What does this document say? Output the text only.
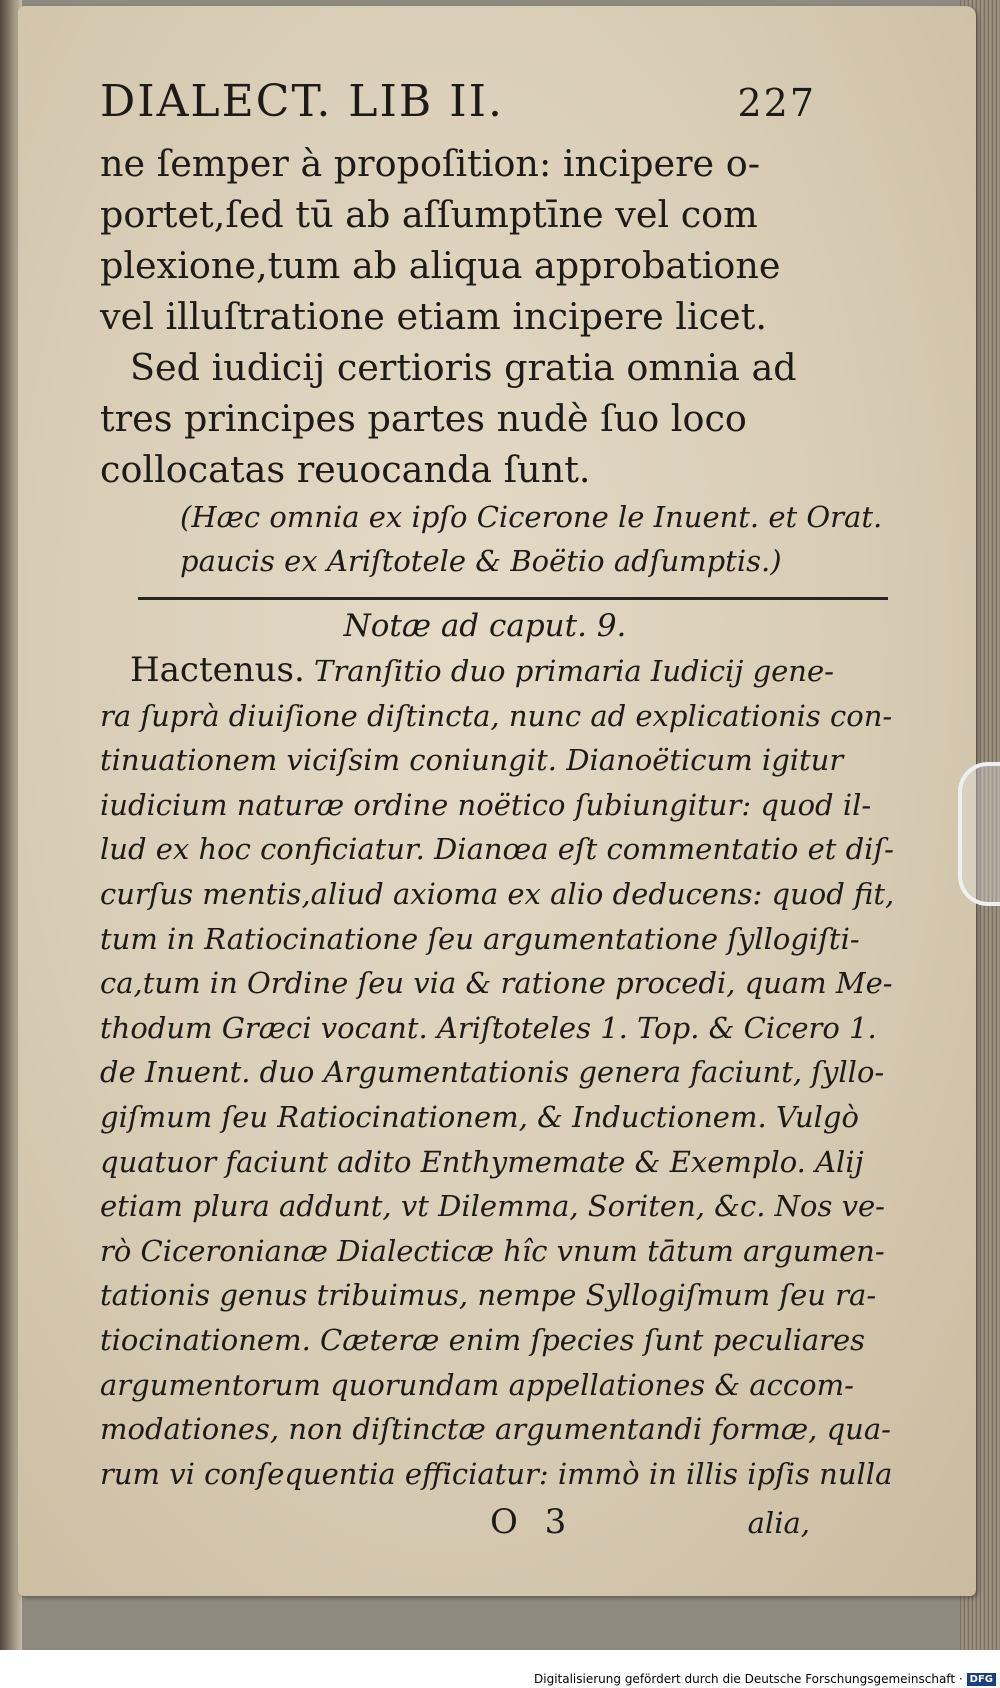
DIALECT. LIB II.	227
ne ſemper à propoſition: incipere o-
portet,ſed tū ab aſſumptīne vel com
plexione,tum ab aliqua approbatione
vel illuſtratione etiam incipere licet.
Sed iudicij certioris gratia omnia ad
tres principes partes nudè ſuo loco
collocatas reuocanda ſunt.
(Hæc omnia ex ipſo Cicerone le Inuent. et Orat.
paucis ex Ariſtotele & Boëtio adſumptis.)
Notæ ad caput. 9.
Hactenus. Tranſitio duo primaria Iudicij gene-
ra ſuprà diuiſione diſtincta, nunc ad explicationis con-
tinuationem viciſsim coniungit. Dianoëticum igitur
iudicium naturæ ordine noëtico ſubiungitur: quod il-
lud ex hoc conficiatur. Dianœa eſt commentatio et diſ-
curſus mentis,aliud axioma ex alio deducens: quod fit,
tum in Ratiocinatione ſeu argumentatione ſyllogiſti-
ca,tum in Ordine ſeu via & ratione procedi, quam Me-
thodum Græci vocant. Ariſtoteles 1. Top. & Cicero 1.
de Inuent. duo Argumentationis genera faciunt, ſyllo-
giſmum ſeu Ratiocinationem, & Inductionem. Vulgò
quatuor faciunt adito Enthymemate & Exemplo. Alij
etiam plura addunt, vt Dilemma, Soriten, &c. Nos ve-
rò Ciceronianæ Dialecticæ hîc vnum tātum argumen-
tationis genus tribuimus, nempe Syllogiſmum ſeu ra-
tiocinationem. Cæteræ enim ſpecies ſunt peculiares
argumentorum quorundam appellationes & accom-
modationes, non diſtinctæ argumentandi formæ, qua-
rum vi conſequentia efficiatur: immò in illis ipſis nulla
O 3	alia,
Digitalisierung gefördert durch die Deutsche Forschungsgemeinschaft · DFG
